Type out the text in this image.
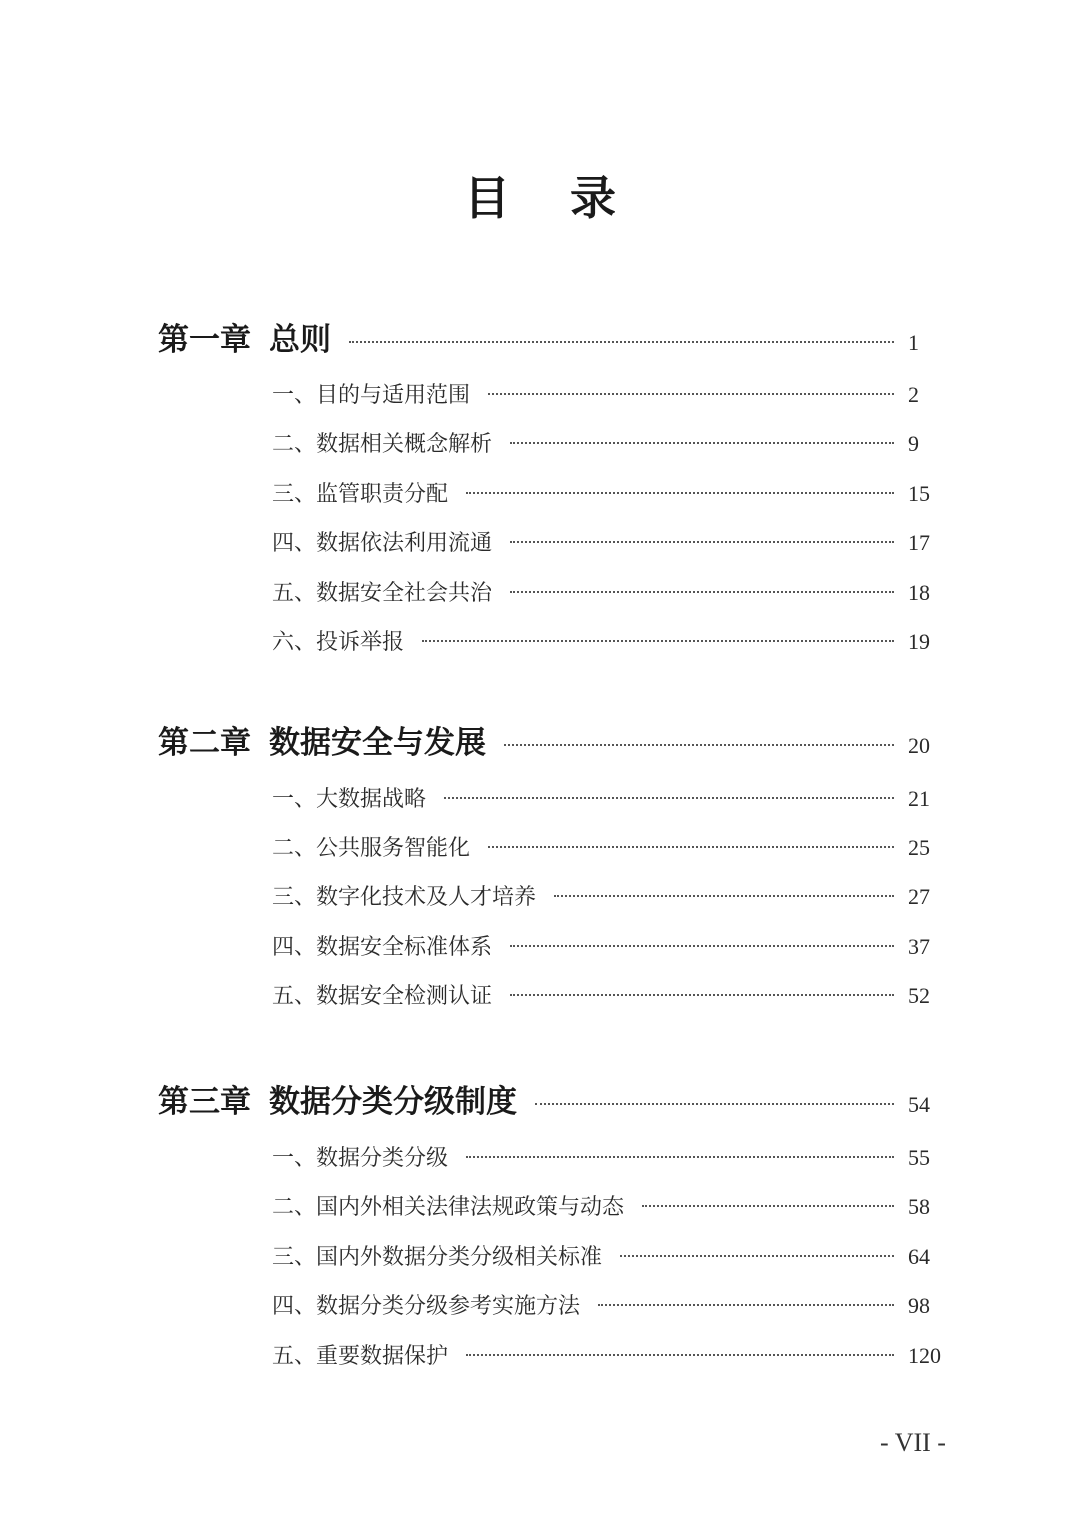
目 录
第一章 总则	1
一、 目的与适用范围	2
二、 数据相关概念解析	9
三、 监管职责分配	15
四、 数据依法利用流通	17
五、 数据安全社会共治	18
六、 投诉举报	19
第二章 数据安全与发展	20
一、 大数据战略	21
二、 公共服务智能化	25
三、 数字化技术及人才培养	27
四、 数据安全标准体系	37
五、 数据安全检测认证	52
第三章 数据分类分级制度	54
一、 数据分类分级	55
二、 国内外相关法律法规政策与动态	58
三、 国内外数据分类分级相关标准	64
四、 数据分类分级参考实施方法	98
五、 重要数据保护	120
- VII -
